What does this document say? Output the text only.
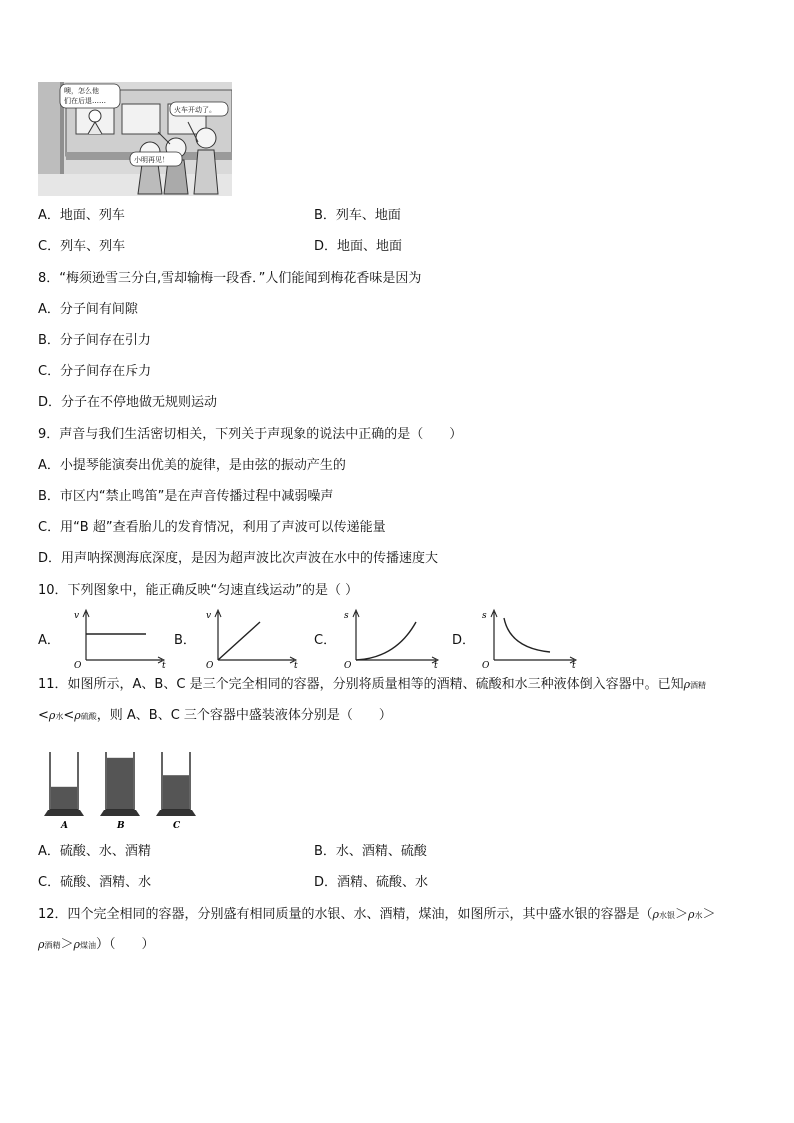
噢，怎么他
们在后退……
火车开动了。
小明再见！
A．地面、列车	B．列车、地面
C．列车、列车	D．地面、地面
8．“梅须逊雪三分白,雪却输梅一段香．”人们能闻到梅花香味是因为
A．分子间有间隙
B．分子间存在引力
C．分子间存在斥力
D．分子在不停地做无规则运动
9．声音与我们生活密切相关，下列关于声现象的说法中正确的是（　　）
A．小提琴能演奏出优美的旋律，是由弦的振动产生的
B．市区内“禁止鸣笛”是在声音传播过程中减弱噪声
C．用“B 超”查看胎儿的发育情况，利用了声波可以传递能量
D．用声呐探测海底深度，是因为超声波比次声波在水中的传播速度大
10．下列图象中，能正确反映“匀速直线运动”的是（ ）
A．
v
t
O
B．
v
t
O
C．
s
t
O
D．
s
t
O
11．如图所示，A、B、C 是三个完全相同的容器，分别将质量相等的酒精、硫酸和水三种液体倒入容器中。已知ρ酒精
<ρ水<ρ硫酸，则 A、B、C 三个容器中盛装液体分别是（　　）
A	B	C
A．硫酸、水、酒精	B．水、酒精、硫酸
C．硫酸、酒精、水	D．酒精、硫酸、水
12．四个完全相同的容器，分别盛有相同质量的水银、水、酒精，煤油，如图所示，其中盛水银的容器是（ρ水银＞ρ水＞
ρ酒精＞ρ煤油）（　　）
